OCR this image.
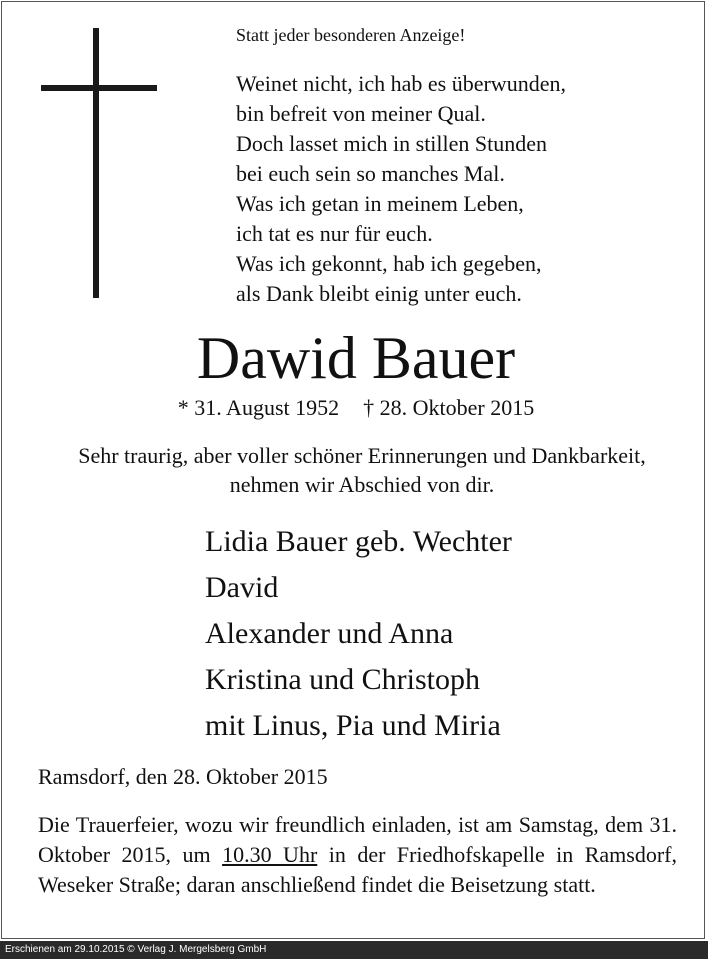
Statt jeder besonderen Anzeige!
Weinet nicht, ich hab es überwunden,
bin befreit von meiner Qual.
Doch lasset mich in stillen Stunden
bei euch sein so manches Mal.
Was ich getan in meinem Leben,
ich tat es nur für euch.
Was ich gekonnt, hab ich gegeben,
als Dank bleibt einig unter euch.
Dawid Bauer
* 31. August 1952 † 28. Oktober 2015
Sehr traurig, aber voller schöner Erinnerungen und Dankbarkeit, nehmen wir Abschied von dir.
Lidia Bauer geb. Wechter
David
Alexander und Anna
Kristina und Christoph
mit Linus, Pia und Miria
Ramsdorf, den 28. Oktober 2015
Die Trauerfeier, wozu wir freundlich einladen, ist am Samstag, dem 31. Oktober 2015, um 10.30 Uhr in der Friedhofskapelle in Ramsdorf, Weseker Straße; daran anschließend findet die Beisetzung statt.
Erschienen am 29.10.2015 © Verlag J. Mergelsberg GmbH
